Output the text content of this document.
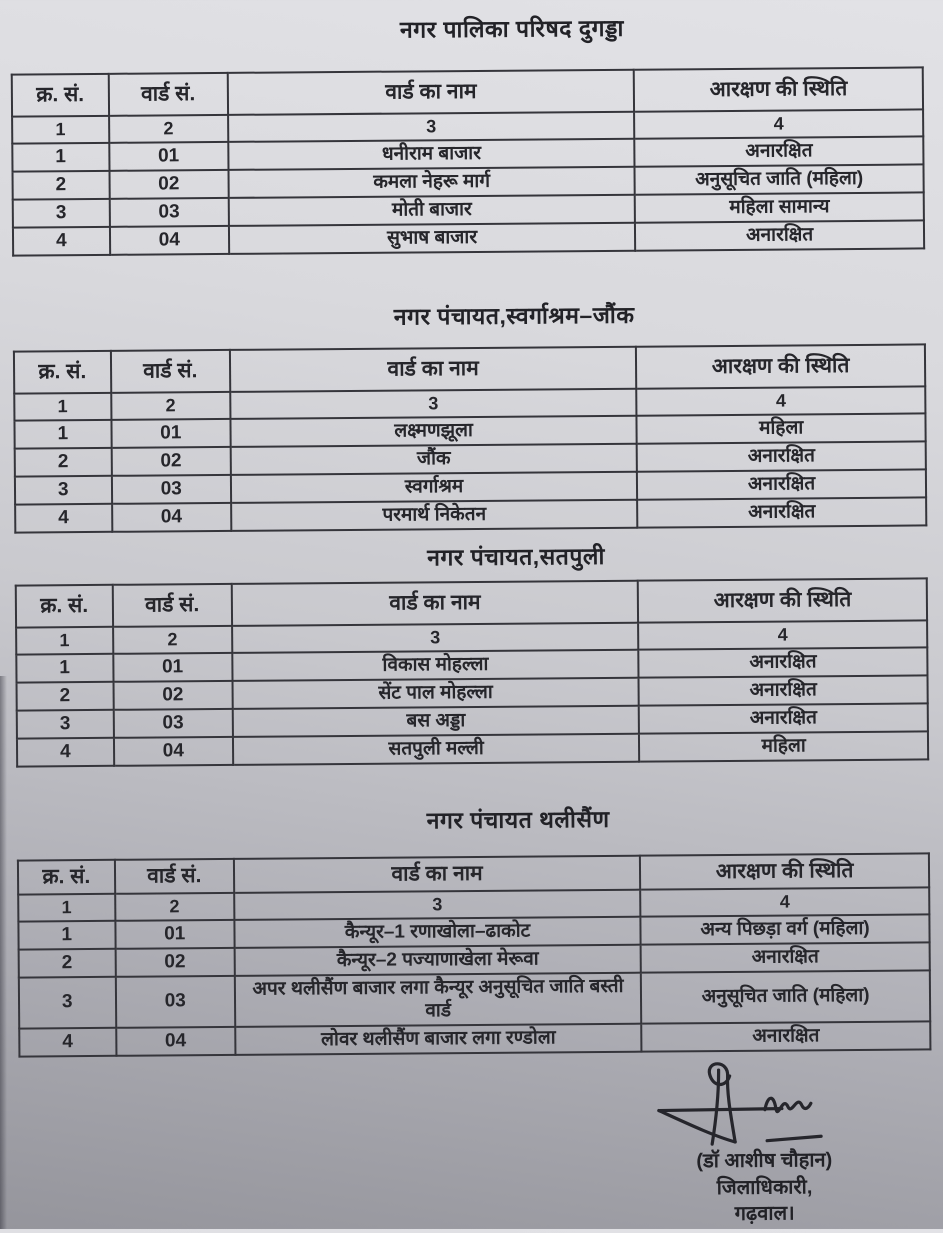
नगर पालिका परिषद दुगड्डा
क्र. सं.	वार्ड सं.	वार्ड का नाम	आरक्षण की स्थिति
1	2	3	4
1	01	धनीराम बाजार	अनारक्षित
2	02	कमला नेहरू मार्ग	अनुसूचित जाति (महिला)
3	03	मोती बाजार	महिला सामान्य
4	04	सुभाष बाजार	अनारक्षित
नगर पंचायत,स्वर्गाश्रम–जौंक
क्र. सं.	वार्ड सं.	वार्ड का नाम	आरक्षण की स्थिति
1	2	3	4
1	01	लक्ष्मणझूला	महिला
2	02	जौंक	अनारक्षित
3	03	स्वर्गाश्रम	अनारक्षित
4	04	परमार्थ निकेतन	अनारक्षित
नगर पंचायत,सतपुली
क्र. सं.	वार्ड सं.	वार्ड का नाम	आरक्षण की स्थिति
1	2	3	4
1	01	विकास मोहल्ला	अनारक्षित
2	02	सेंट पाल मोहल्ला	अनारक्षित
3	03	बस अड्डा	अनारक्षित
4	04	सतपुली मल्ली	महिला
नगर पंचायत थलीसैंण
क्र. सं.	वार्ड सं.	वार्ड का नाम	आरक्षण की स्थिति
1	2	3	4
1	01	कैन्यूर–1 रणाखोला–ढाकोट	अन्य पिछड़ा वर्ग (महिला)
2	02	कैन्यूर–2 पज्याणाखेला मेरूवा	अनारक्षित
3	03	अपर थलीसैंण बाजार लगा कैन्यूर अनुसूचित जाति बस्ती वार्ड	अनुसूचित जाति (महिला)
4	04	लोवर थलीसैंण बाजार लगा रण्डोला	अनारक्षित
(डॉ आशीष चौहान)
जिलाधिकारी,
गढ़वाल।
